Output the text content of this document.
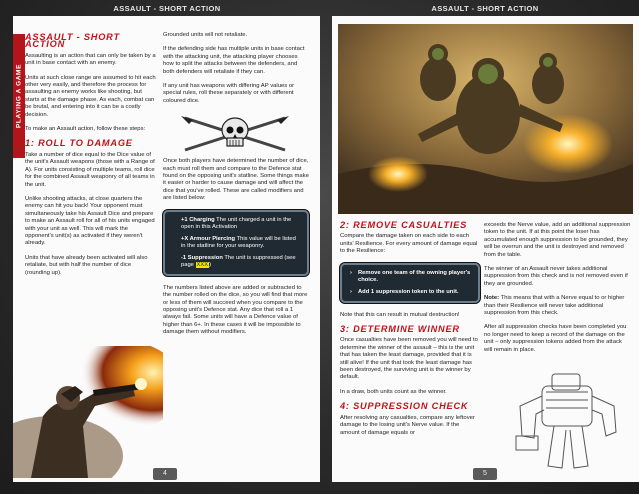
ASSAULT - SHORT ACTION	ASSAULT - SHORT ACTION
PLAYING A GAME
ASSAULT - SHORT ACTION

Assaulting is an action that can only be taken by a unit in base contact with an enemy.

Units at such close range are assumed to hit each other very easily, and therefore the process for assaulting an enemy works like shooting, but starts at the damage phase. As each, combat can be brutal, and entering into it can be a costly decision.

To make an Assault action, follow these steps:

1: ROLL TO DAMAGE

Take a number of dice equal to the Dice value of the unit's Assault weapons (those with a Range of A). For units consisting of multiple teams, roll dice for the combined Assault weaponry of all teams in the unit.

Unlike shooting attacks, at close quarters the enemy can hit you back! Your opponent must simultaneously take his Assault Dice and prepare to make an Assault roll for all of his units engaged with your unit as well. This will mark the opponent's unit(s) as activated if they weren't already.

Units that have already been activated will also retaliate, but with half the number of dice (rounding up).

Grounded units will not retaliate.

If the defending side has multiple units in base contact with the attacking unit, the attacking player chooses how to split the attacks between the defenders, and both defenders will retaliate if they can.

If any unit has weapons with differing AP values or special rules, roll these separately or with different coloured dice.

Once both players have determined the number of dice, each must roll them and compare to the Defence stat found on the opposing unit's statline. Some things make it easier or harder to cause damage and will affect the dice that you've rolled. These are called modifiers and are listed below:

+1 Charging The unit charged a unit in the open in this Activation
+X Armour Piercing This value will be listed in the statline for your weaponry.
-1 Suppression The unit is suppressed (see page XXX)

The numbers listed above are added or subtracted to the number rolled on the dice, so you will find that more or less of them will succeed when you compare to the opposing unit's Defence stat. Any dice that roll a 1 always fail. Some units will have a Defence value of higher than 6+. In these cases it will be impossible to damage them without modifiers.

4
2: REMOVE CASUALTIES

Compare the damage taken on each side to each units' Resilience. For every amount of damage equal to the Resilience:

› Remove one team of the owning player's choice.
› Add 1 suppression token to the unit.

Note that this can result in mutual destruction!

3: DETERMINE WINNER

Once casualties have been removed you will need to determine the winner of the assault – this is the unit that has taken the least damage, provided that it is still alive! If the unit that took the least damage has been destroyed, the surviving unit is the winner by default.

In a draw, both units count as the winner.

4: SUPPRESSION CHECK

After resolving any casualties, compare any leftover damage to the losing unit's Nerve value. If the amount of damage equals or

exceeds the Nerve value, add an additional suppression token to the unit. If at this point the loser has accumulated enough suppression to be grounded, they will be overrun and the unit is destroyed and removed from the table.

The winner of an Assault never takes additional suppression from this check and is not removed even if they are grounded.

Note: This means that with a Nerve equal to or higher than their Resilience will never take additional suppression from this check.

After all suppression checks have been completed you no longer need to keep a record of the damage on the unit – only suppression tokens added from the attack will remain in place.

5
